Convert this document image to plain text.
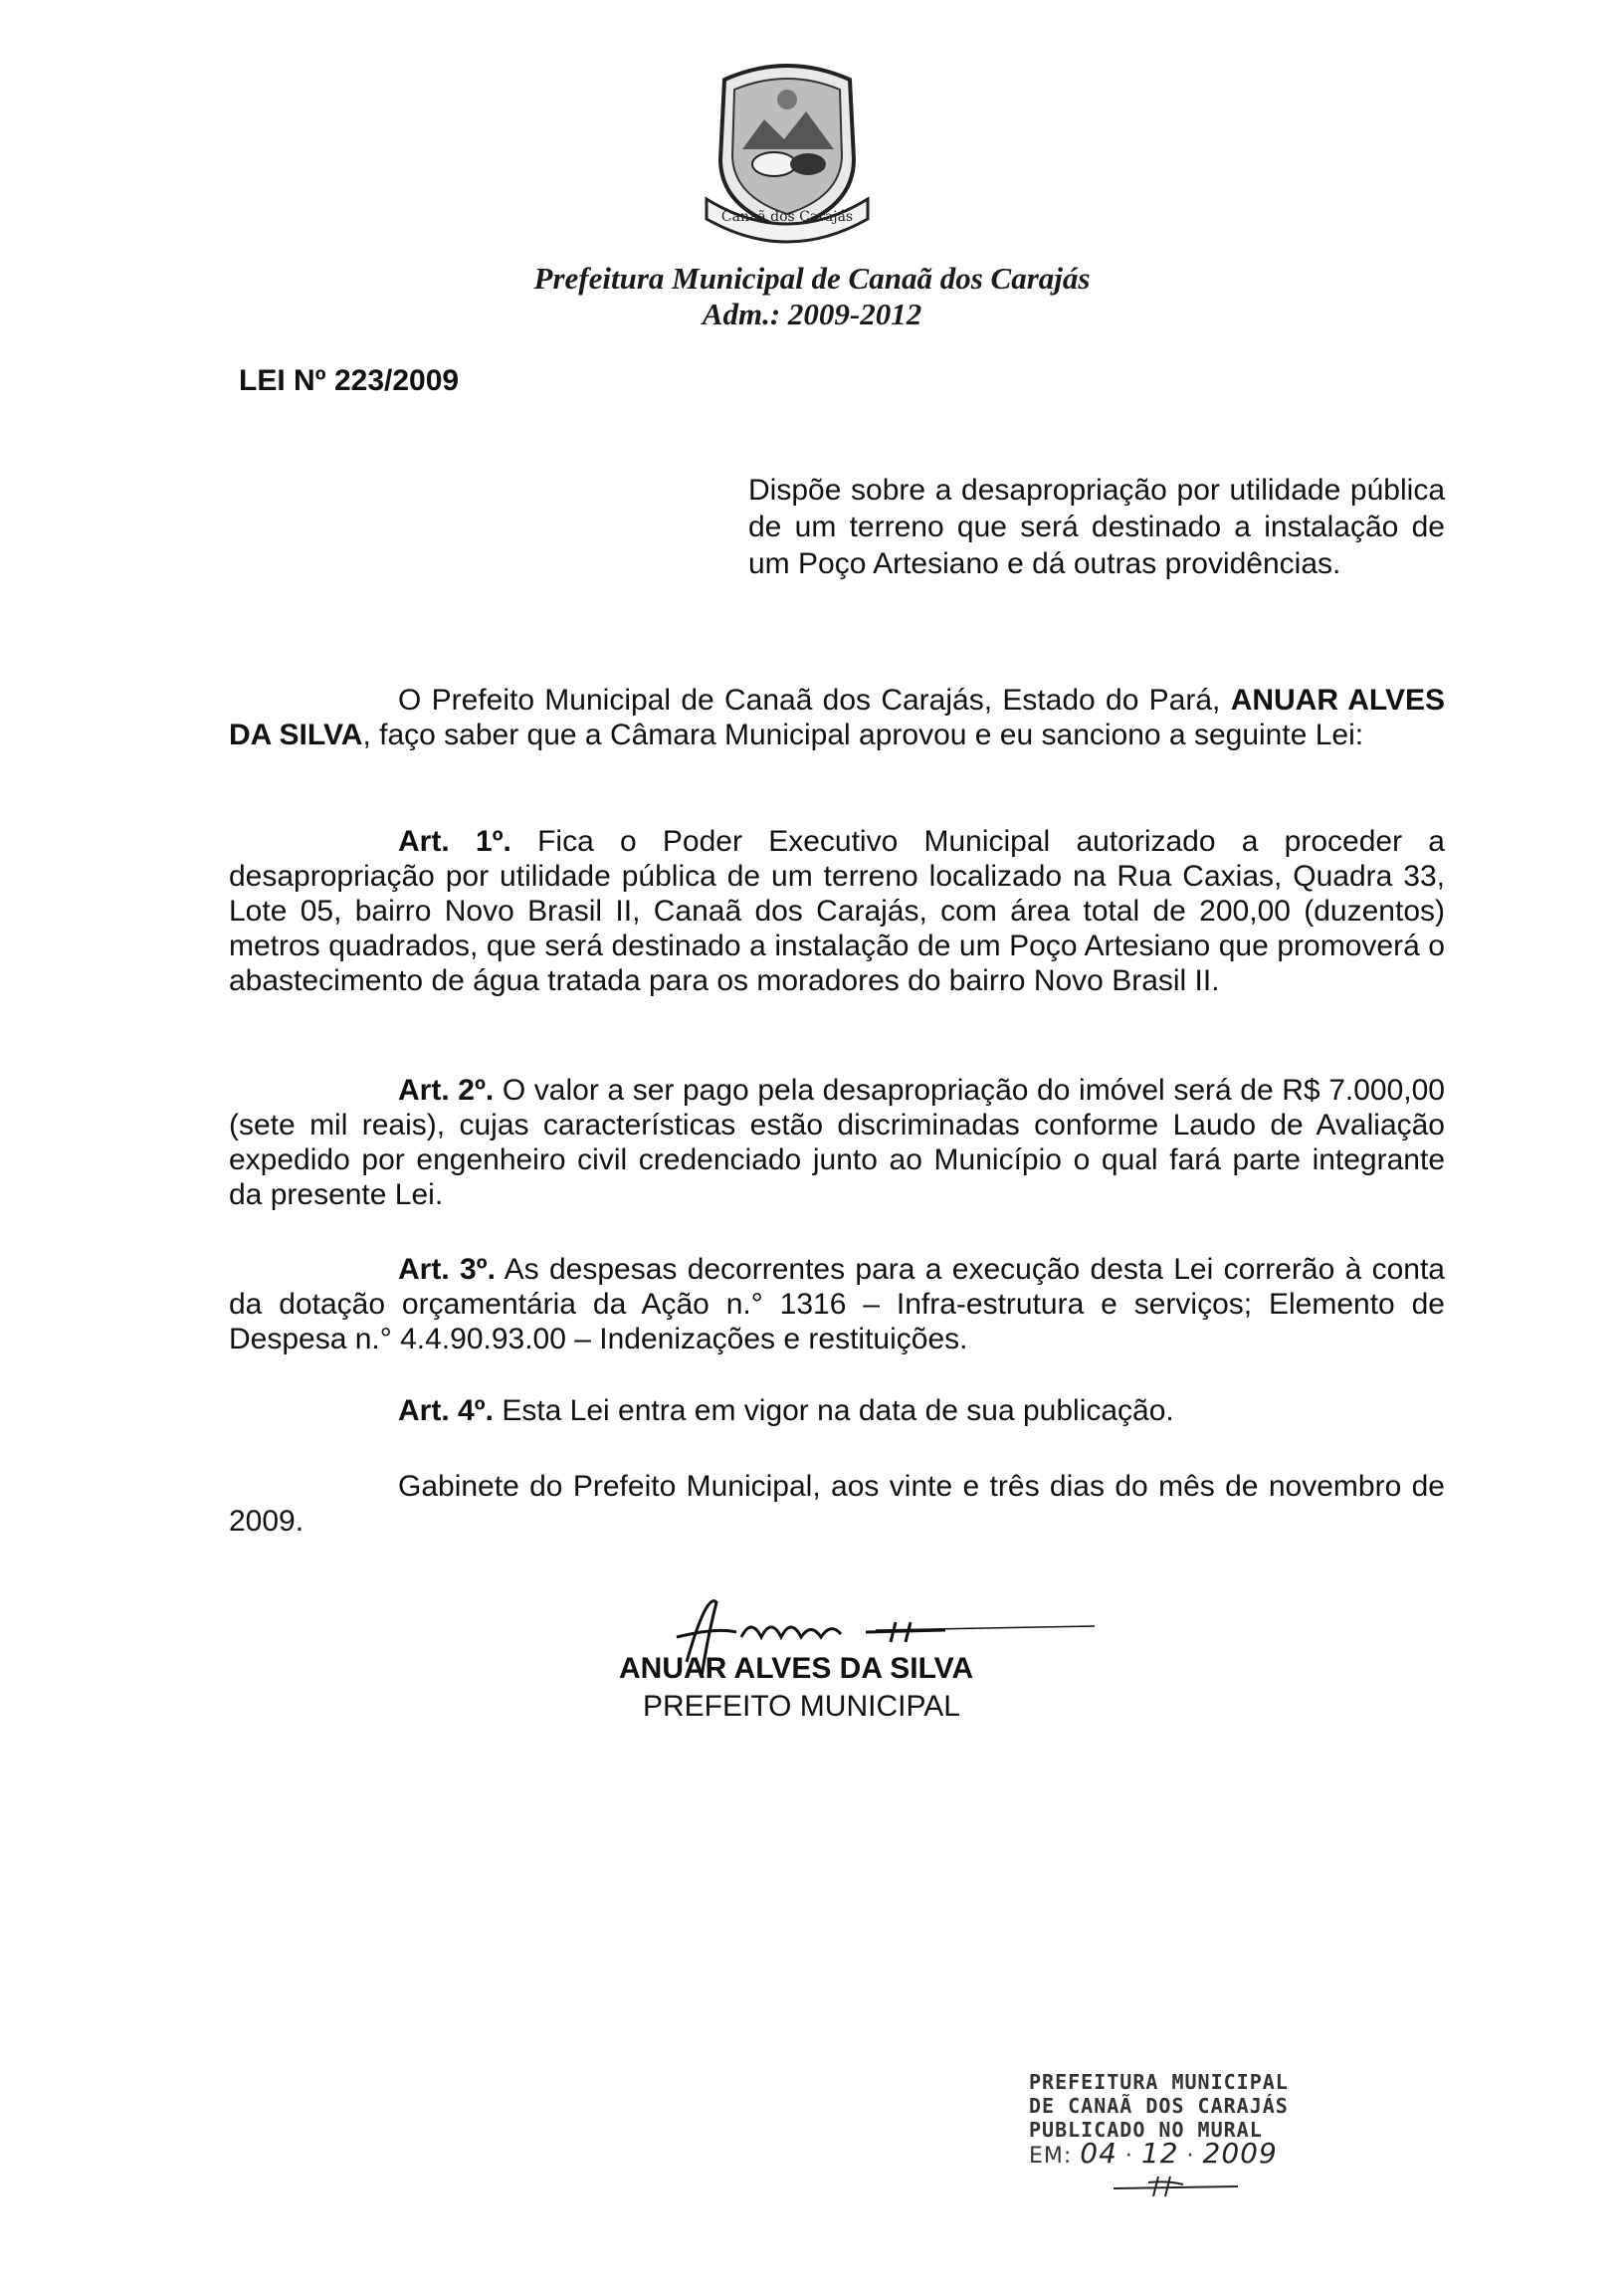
Canaã dos Carajás
Prefeitura Municipal de Canaã dos Carajás
Adm.: 2009-2012
LEI Nº 223/2009
Dispõe sobre a desapropriação por utilidade pública de um terreno que será destinado a instalação de um Poço Artesiano e dá outras providências.
O Prefeito Municipal de Canaã dos Carajás, Estado do Pará, ANUAR ALVES DA SILVA, faço saber que a Câmara Municipal aprovou e eu sanciono a seguinte Lei:
Art. 1º. Fica o Poder Executivo Municipal autorizado a proceder a desapropriação por utilidade pública de um terreno localizado na Rua Caxias, Quadra 33, Lote 05, bairro Novo Brasil II, Canaã dos Carajás, com área total de 200,00 (duzentos) metros quadrados, que será destinado a instalação de um Poço Artesiano que promoverá o abastecimento de água tratada para os moradores do bairro Novo Brasil II.
Art. 2º. O valor a ser pago pela desapropriação do imóvel será de R$ 7.000,00 (sete mil reais), cujas características estão discriminadas conforme Laudo de Avaliação expedido por engenheiro civil credenciado junto ao Município o qual fará parte integrante da presente Lei.
Art. 3º. As despesas decorrentes para a execução desta Lei correrão à conta da dotação orçamentária da Ação n.° 1316 – Infra-estrutura e serviços; Elemento de Despesa n.° 4.4.90.93.00 – Indenizações e restituições.
Art. 4º. Esta Lei entra em vigor na data de sua publicação.
Gabinete do Prefeito Municipal, aos vinte e três dias do mês de novembro de 2009.
ANUAR ALVES DA SILVA
PREFEITO MUNICIPAL
PREFEITURA MUNICIPAL
DE CANAÃ DOS CARAJÁS
PUBLICADO NO MURAL
EM: 04 · 12 · 2009
